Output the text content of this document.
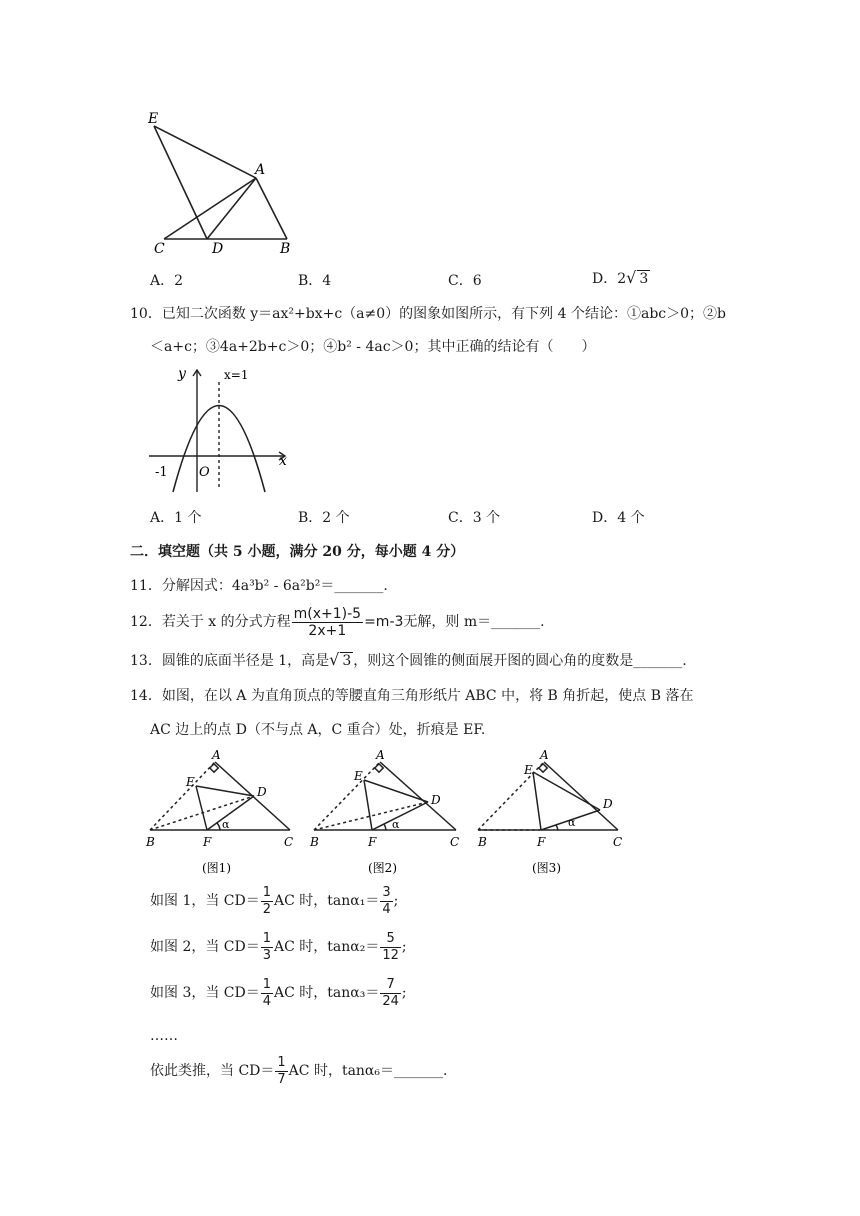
E
A
C	D	B
A．2	B．4	C．6	D．2√ 3
10．已知二次函数 y＝ax²+bx+c（a≠0）的图象如图所示，有下列 4 个结论：①abc＞0；②b
＜a+c；③4a+2b+c＞0；④b² - 4ac＞0；其中正确的结论有（　　）
y	x=1
x
-1 O
A．1 个	B．2 个	C．3 个	D．4 个
二．填空题（共 5 小题，满分 20 分，每小题 4 分）
11．分解因式：4a³b² - 6a²b²＝_______.
12．若关于 x 的分式方程 $\frac{m(x+1)-5}{2x+1} =m-3$无解，则 m＝_______.
13．圆锥的底面半径是 1，高是√ 3 ，则这个圆锥的侧面展开图的圆心角的度数是_______.
14．如图，在以 A 为直角顶点的等腰直角三角形纸片 ABC 中，将 B 角折起，使点 B 落在
AC 边上的点 D（不与点 A，C 重合）处，折痕是 EF.
A
E
D
B	F	C
α
(图1)
A
E
D
B	F	C
α
(图2)
A
E
D
B	F	C
α
(图3)
如图 1，当 $CD= \frac{1}{2}$ AC 时，$\tan\alpha_1= \frac{3}{4}$ ;
如图 2，当 $CD= \frac{1}{3}$ AC 时，$\tan\alpha_2= \frac{5}{12}$ ;
如图 3，当 $CD= \frac{1}{4}$ AC 时，$\tan\alpha_3= \frac{7}{24}$ ;
……
依此类推，当 $CD= \frac{1}{7}$ AC 时，tanα₆＝_______.
